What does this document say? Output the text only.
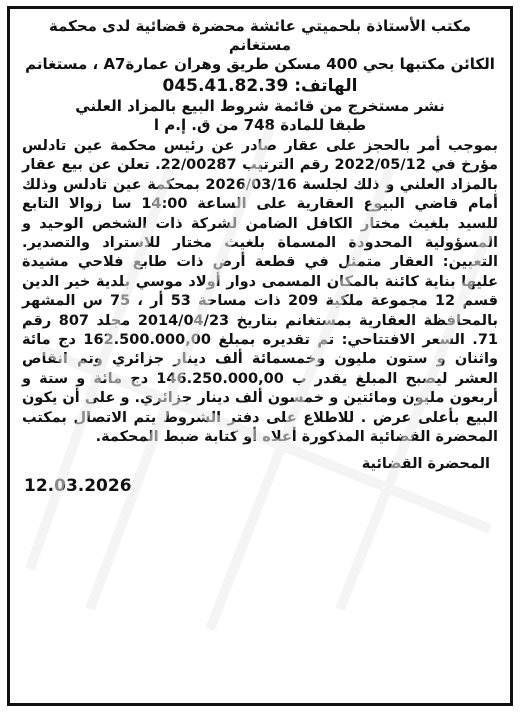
مكتب الأستاذة بلحميتي عائشة محضرة قضائية لدى محكمة مستغانم
الكائن مكتبها بحي 400 مسكن طريق وهران عمارةA7 ، مستغانم
الهاتف: 045.41.82.39
نشر مستخرج من قائمة شروط البيع بالمزاد العلني
طبقا للمادة 748 من ق. إ.م ا
بموجب أمر بالحجز على عقار صادر عن رئيس محكمة عين تادلس مؤرخ في 2022/05/12 رقم الترتيب 22/00287. تعلن عن بيع عقار بالمزاد العلني و ذلك لجلسة 2026/03/16 بمحكمة عين تادلس وذلك أمام قاضي البيوع العقارية على الساعة 14:00 سا زوالا التابع للسيد بلغيث مختار الكافل الضامن لشركة ذات الشخص الوحيد و المسؤولية المحدودة المسماة بلغيث مختار للاستراد والتصدير. التعيين: العقار متمثل في قطعة أرض ذات طابع فلاحي مشيدة عليها بناية كائنة بالمكان المسمى دوار أولاد موسي بلدية خير الدين قسم 12 مجموعة ملكية 209 ذات مساحة 53 أر ، 75 س المشهر بالمحافظة العقارية بمستغانم بتاريخ 2014/04/23 مجلد 807 رقم 71. السعر الافتتاحي: تم تقديره بمبلغ 162.500.000,00 دج مائة واثنان و ستون مليون وخمسمائة ألف دينار جزائري وتم انقاص العشر ليصبح المبلغ يقدر ب 146.250.000,00 دج مائة و ستة و أربعون مليون ومائتين و خمسون ألف دينار جزائري. و على أن يكون البيع بأعلى عرض . للاطلاع على دفتر الشروط يتم الاتصال بمكتب المحضرة القضائية المذكورة أعلاه أو كتابة ضبط المحكمة.
المحضرة القضائية
12.03.2026
